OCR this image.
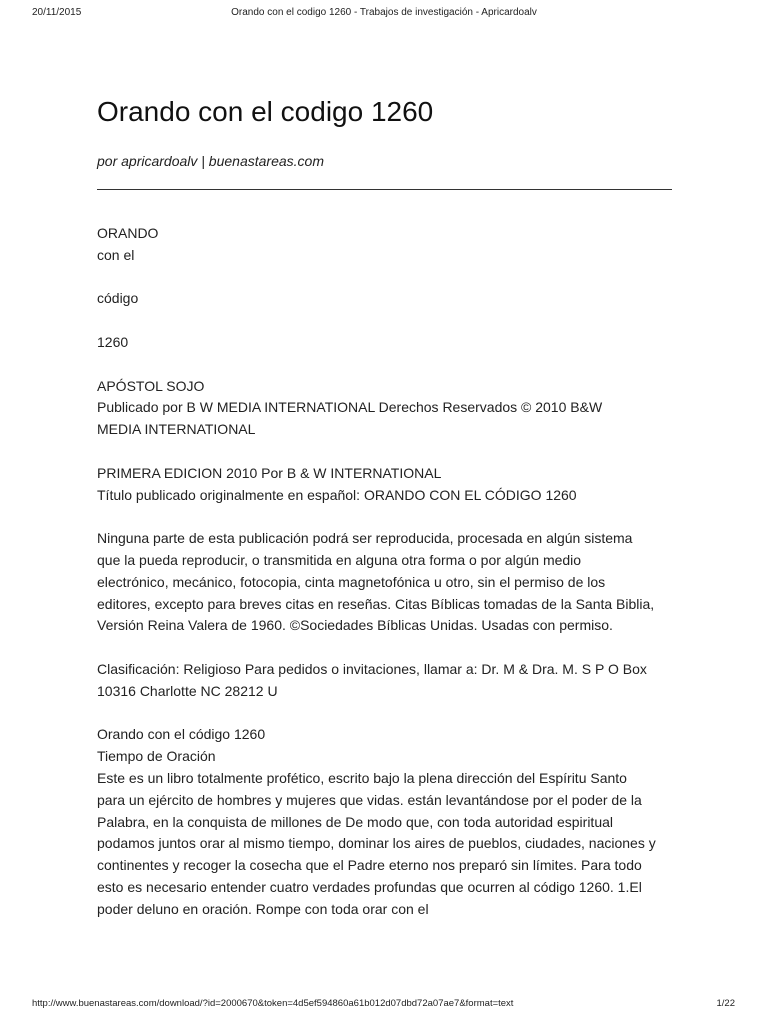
20/11/2015	Orando con el codigo 1260 - Trabajos de investigación - Apricardoalv
Orando con el codigo 1260
por apricardoalv | buenastareas.com

ORANDO
con el

código

1260

APÓSTOL SOJO
Publicado por B W MEDIA INTERNATIONAL Derechos Reservados © 2010 B&W
MEDIA INTERNATIONAL

PRIMERA EDICION 2010 Por B & W INTERNATIONAL
Título publicado originalmente en español: ORANDO CON EL CÓDIGO 1260

Ninguna parte de esta publicación podrá ser reproducida, procesada en algún sistema
que la pueda reproducir, o transmitida en alguna otra forma o por algún medio
electrónico, mecánico, fotocopia, cinta magnetofónica u otro, sin el permiso de los
editores, excepto para breves citas en reseñas. Citas Bíblicas tomadas de la Santa Biblia,
Versión Reina Valera de 1960. ©Sociedades Bíblicas Unidas. Usadas con permiso.

Clasificación: Religioso Para pedidos o invitaciones, llamar a: Dr. M & Dra. M. S P O Box
10316 Charlotte NC 28212 U

Orando con el código 1260
Tiempo de Oración
Este es un libro totalmente profético, escrito bajo la plena dirección del Espíritu Santo
para un ejército de hombres y mujeres que vidas. están levantándose por el poder de la
Palabra, en la conquista de millones de De modo que, con toda autoridad espiritual
podamos juntos orar al mismo tiempo, dominar los aires de pueblos, ciudades, naciones y
continentes y recoger la cosecha que el Padre eterno nos preparó sin límites. Para todo
esto es necesario entender cuatro verdades profundas que ocurren al código 1260. 1.El
poder deluno en oración. Rompe con toda orar con el

http://www.buenastareas.com/download/?id=2000670&token=4d5ef594860a61b012d07dbd72a07ae7&format=text	1/22
